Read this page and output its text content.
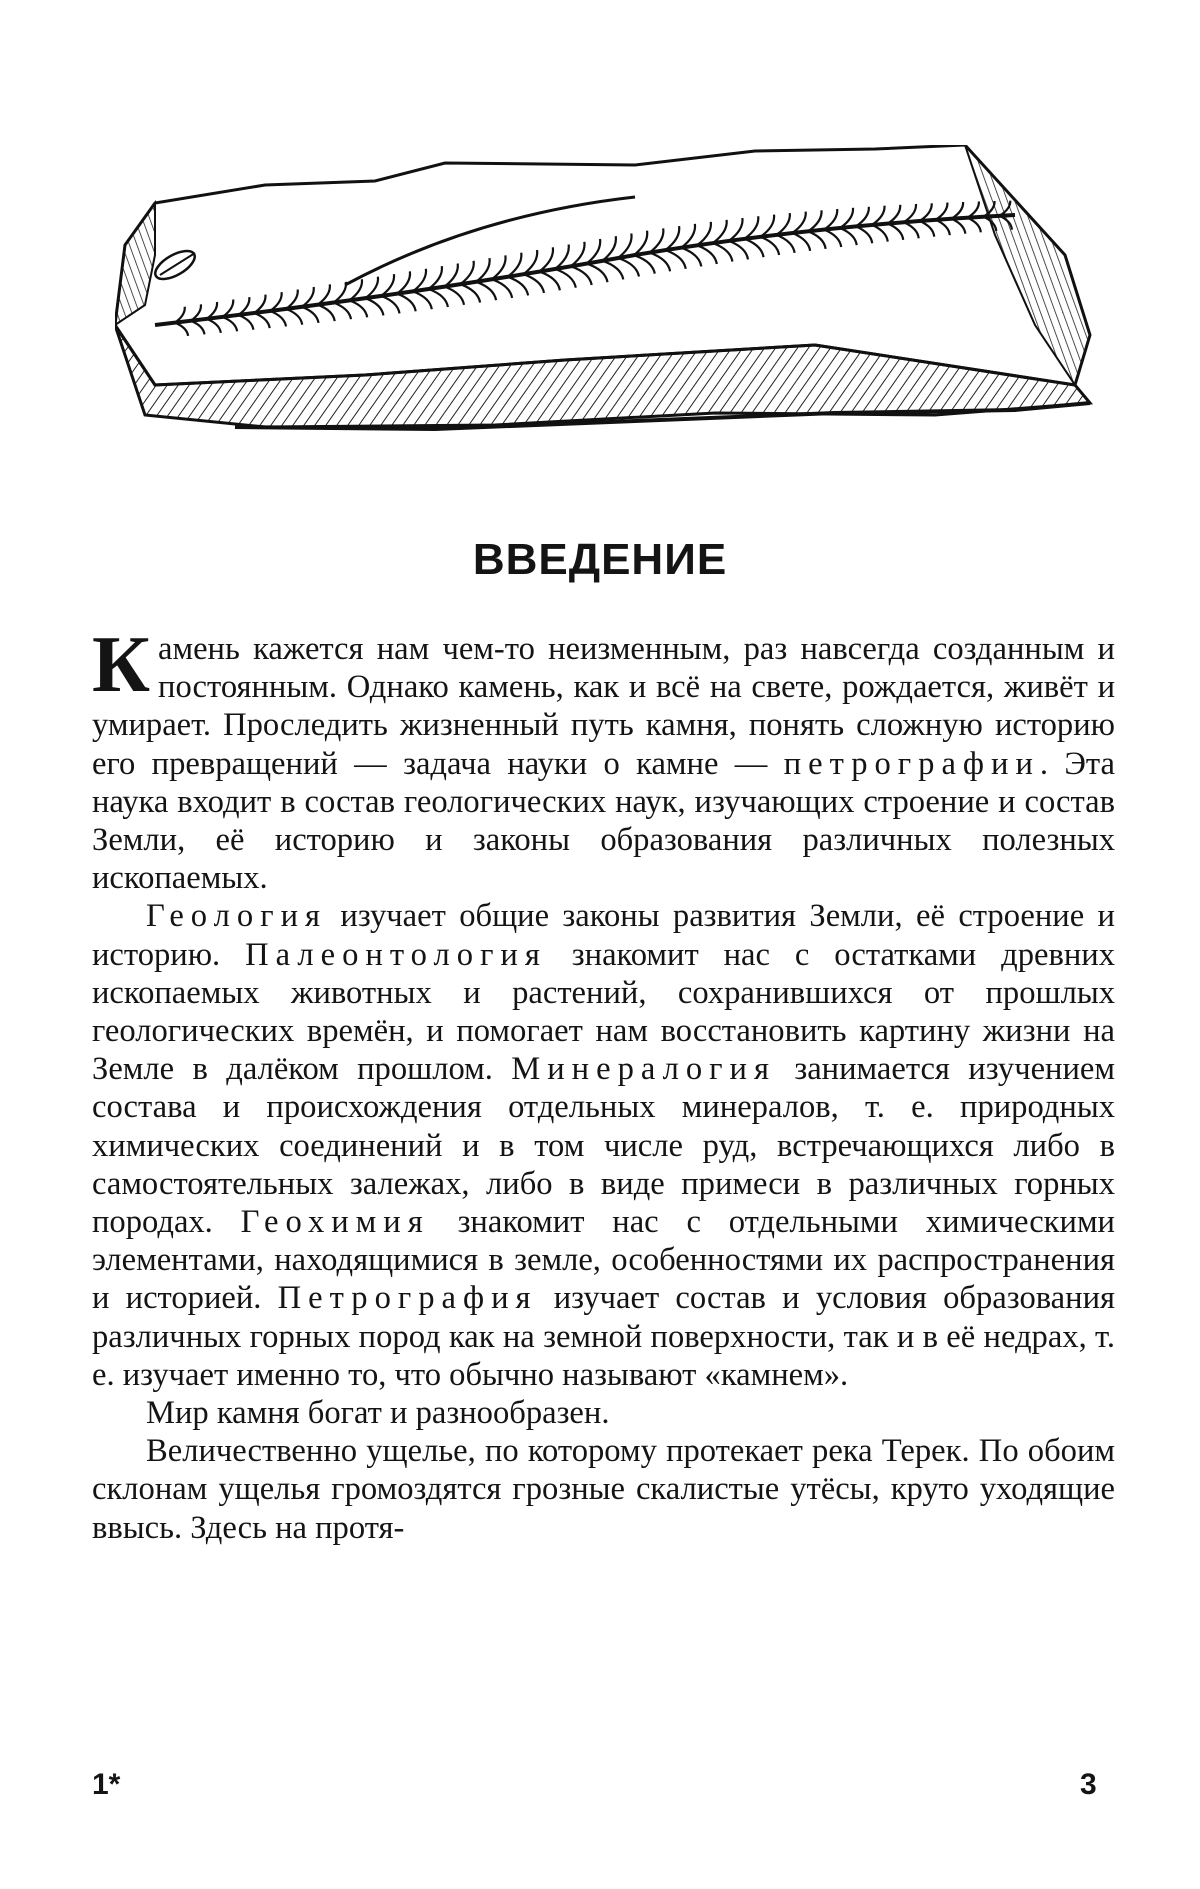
ВВЕДЕНИЕ

Камень кажется нам чем-то неизменным, раз навсегда созданным и постоянным. Однако камень, как и всё на свете, рождается, живёт и умирает. Проследить жизненный путь камня, понять сложную историю его превращений — задача науки о камне — петрографии. Эта наука входит в состав геологических наук, изучающих строение и состав Земли, её историю и законы образования различных полезных ископаемых.

Геология изучает общие законы развития Земли, её строение и историю. Палеонтология знакомит нас с остатками древних ископаемых животных и растений, сохранившихся от прошлых геологических времён, и помогает нам восстановить картину жизни на Земле в далёком прошлом. Минералогия занимается изучением состава и происхождения отдельных минералов, т. е. природных химических соединений и в том числе руд, встречающихся либо в самостоятельных залежах, либо в виде примеси в различных горных породах. Геохимия знакомит нас с отдельными химическими элементами, находящимися в земле, особенностями их распространения и историей. Петрография изучает состав и условия образования различных горных пород как на земной поверхности, так и в её недрах, т. е. изучает именно то, что обычно называют «камнем».

Мир камня богат и разнообразен.

Величественно ущелье, по которому протекает река Терек. По обоим склонам ущелья громоздятся грозные скалистые утёсы, круто уходящие ввысь. Здесь на протя-

1*	3
